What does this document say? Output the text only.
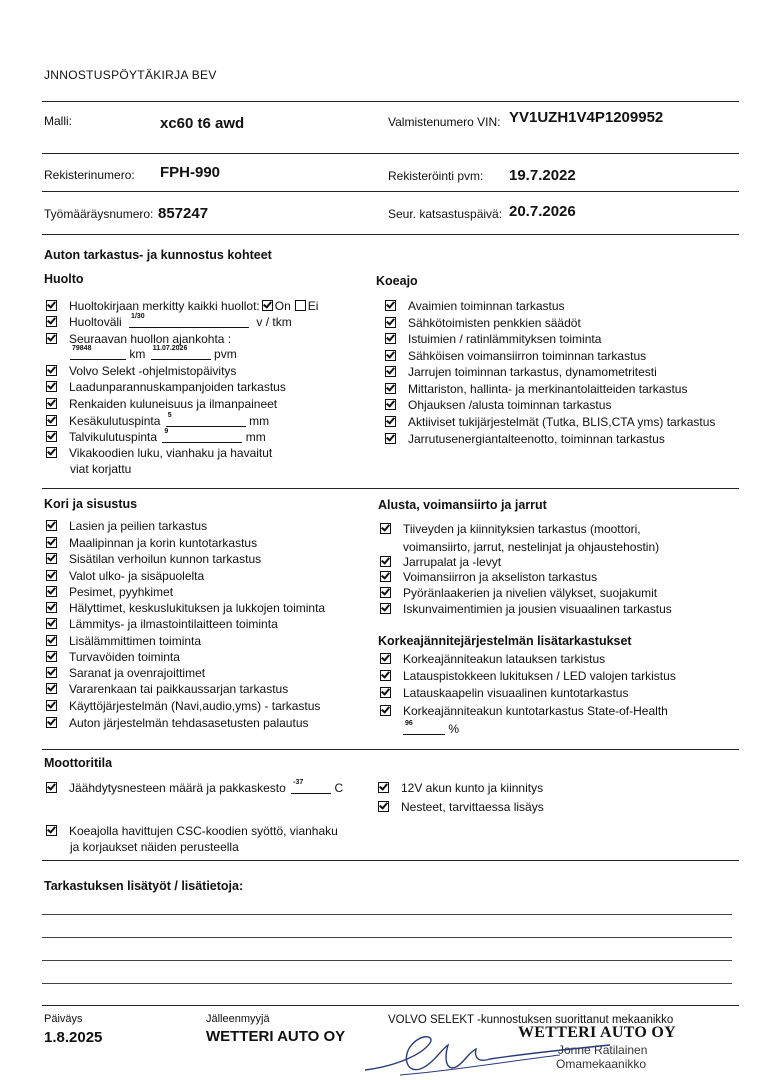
JNNOSTUSPÖYTÄKIRJA BEV
Malli:	xc60 t6 awd	Valmistenumero VIN: YV1UZH1V4P1209952
Rekisterinumero: FPH-990	Rekisteröinti pvm: 19.7.2022
Työmääräysnumero: 857247	Seur. katsastuspäivä: 20.7.2026
Auton tarkastus- ja kunnostus kohteet
Huolto
Huoltokirjaan merkitty kaikki huollot: On Ei
Huoltoväli 1/30	v / tkm
Seuraavan huollon ajankohta :
79848	km 11.07.2026 pvm
Volvo Selekt -ohjelmistopäivitys
Laadunparannuskampanjoiden tarkastus
Renkaiden kuluneisuus ja ilmanpaineet
Kesäkulutuspinta 5	mm
Talvikulutuspinta 9	mm
Vikakoodien luku, vianhaku ja havaitut
viat korjattu
Koeajo
Avaimien toiminnan tarkastus
Sähkötoimisten penkkien säädöt
Istuimien / ratinlämmityksen toiminta
Sähköisen voimansiirron toiminnan tarkastus
Jarrujen toiminnan tarkastus, dynamometritesti
Mittariston, hallinta- ja merkinantolaitteiden tarkastus
Ohjauksen /alusta toiminnan tarkastus
Aktiiviset tukijärjestelmät (Tutka, BLIS,CTA yms) tarkastus
Jarrutusenergiantalteenotto, toiminnan tarkastus
Kori ja sisustus
Lasien ja peilien tarkastus
Maalipinnan ja korin kuntotarkastus
Sisätilan verhoilun kunnon tarkastus
Valot ulko- ja sisäpuolelta
Pesimet, pyyhkimet
Hälyttimet, keskuslukituksen ja lukkojen toiminta
Lämmitys- ja ilmastointilaitteen toiminta
Lisälämmittimen toiminta
Turvavöiden toiminta
Saranat ja ovenrajoittimet
Vararenkaan tai paikkaussarjan tarkastus
Käyttöjärjestelmän (Navi,audio,yms) - tarkastus
Auton järjestelmän tehdasasetusten palautus
Alusta, voimansiirto ja jarrut
Tiiveyden ja kiinnityksien tarkastus (moottori,
voimansiirto, jarrut, nestelinjat ja ohjaustehostin)
Jarrupalat ja -levyt
Voimansiirron ja akseliston tarkastus
Pyöränlaakerien ja nivelien välykset, suojakumit
Iskunvaimentimien ja jousien visuaalinen tarkastus
Korkeajännitejärjestelmän lisätarkastukset
Korkeajänniteakun latauksen tarkistus
Latauspistokkeen lukituksen / LED valojen tarkistus
Latauskaapelin visuaalinen kuntotarkastus
Korkeajänniteakun kuntotarkastus State-of-Health
96	%
Moottoritila
Jäähdytysnesteen määrä ja pakkaskesto -37	C	12V akun kunto ja kiinnitys
Nesteet, tarvittaessa lisäys
Koeajolla havittujen CSC-koodien syöttö, vianhaku
ja korjaukset näiden perusteella
Tarkastuksen lisätyöt / lisätietoja:
Päiväys
1.8.2025
Jälleenmyyjä
WETTERI AUTO OY
VOLVO SELEKT -kunnostuksen suorittanut mekaanikko
WETTERI AUTO OY
Jonne Ratilainen
Omamekaanikko
